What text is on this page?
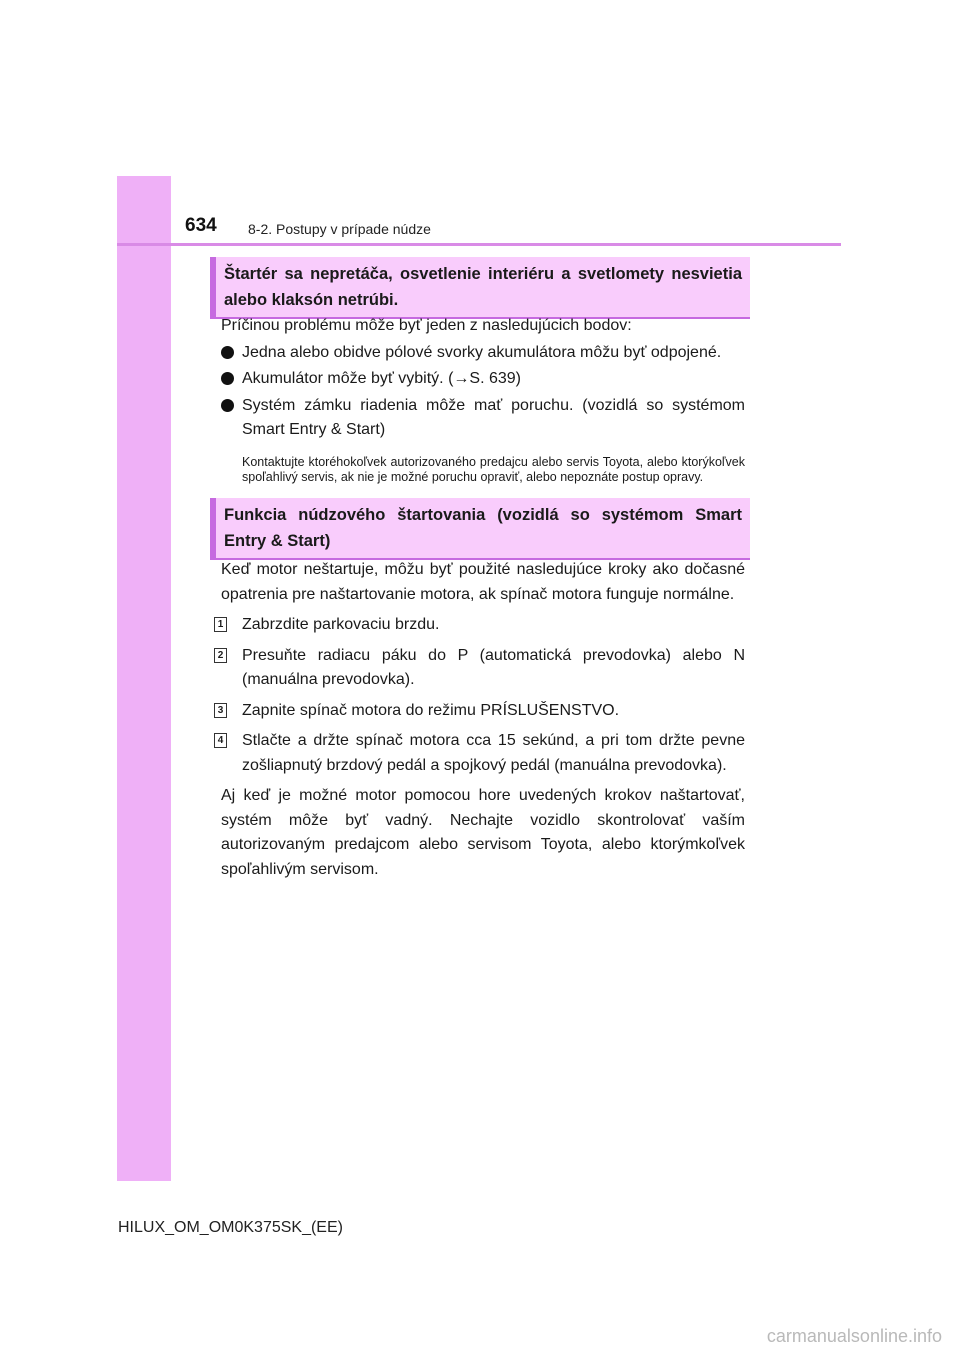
634 8-2. Postupy v prípade núdze
Štartér sa nepretáča, osvetlenie interiéru a svetlomety nesvietia alebo klaksón netrúbi.

Príčinou problému môže byť jeden z nasledujúcich bodov:

Jedna alebo obidve pólové svorky akumulátora môžu byť odpojené.
Akumulátor môže byť vybitý. (→S. 639)
Systém zámku riadenia môže mať poruchu. (vozidlá so systémom Smart Entry & Start)

Kontaktujte ktoréhokoľvek autorizovaného predajcu alebo servis Toyota, alebo ktorýkoľvek spoľahlivý servis, ak nie je možné poruchu opraviť, alebo nepoznáte postup opravy.

Funkcia núdzového štartovania (vozidlá so systémom Smart Entry & Start)

Keď motor neštartuje, môžu byť použité nasledujúce kroky ako dočasné opatrenia pre naštartovanie motora, ak spínač motora funguje normálne.

1 Zabrzdite parkovaciu brzdu.
2 Presuňte radiacu páku do P (automatická prevodovka) alebo N (manuálna prevodovka).
3 Zapnite spínač motora do režimu PRÍSLUŠENSTVO.
4 Stlačte a držte spínač motora cca 15 sekúnd, a pri tom držte pevne zošliapnutý brzdový pedál a spojkový pedál (manuálna prevodovka).

Aj keď je možné motor pomocou hore uvedených krokov naštartovať, systém môže byť vadný. Nechajte vozidlo skontrolovať vaším autorizovaným predajcom alebo servisom Toyota, alebo ktorýmkoľvek spoľahlivým servisom.

HILUX_OM_OM0K375SK_(EE)
carmanualsonline.info
